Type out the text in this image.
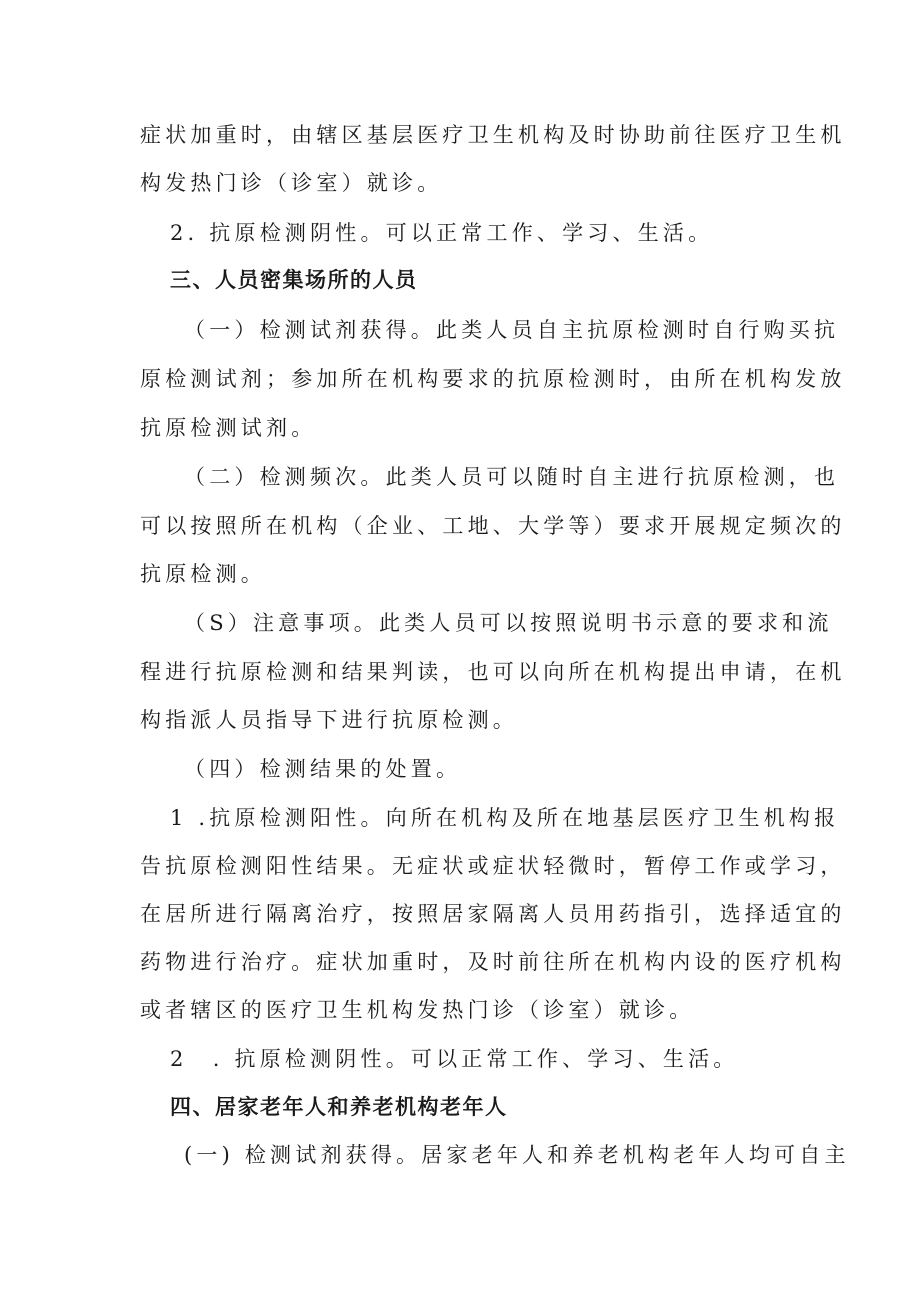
症状加重时，由辖区基层医疗卫生机构及时协助前往医疗卫生机
构发热门诊（诊室）就诊。
2. 抗原检测阴性。可以正常工作、学习、生活。
三、人员密集场所的人员
（一）检测试剂获得。此类人员自主抗原检测时自行购买抗
原检测试剂；参加所在机构要求的抗原检测时，由所在机构发放
抗原检测试剂。
（二）检测频次。此类人员可以随时自主进行抗原检测，也
可以按照所在机构（企业、工地、大学等）要求开展规定频次的
抗原检测。
（S）注意事项。此类人员可以按照说明书示意的要求和流
程进行抗原检测和结果判读，也可以向所在机构提出申请，在机
构指派人员指导下进行抗原检测。
（四）检测结果的处置。
1 .抗原检测阳性。向所在机构及所在地基层医疗卫生机构报
告抗原检测阳性结果。无症状或症状轻微时，暂停工作或学习，
在居所进行隔离治疗，按照居家隔离人员用药指引，选择适宜的
药物进行治疗。症状加重时，及时前往所在机构内设的医疗机构
或者辖区的医疗卫生机构发热门诊（诊室）就诊。
2　. 抗原检测阴性。可以正常工作、学习、生活。
四、居家老年人和养老机构老年人
(一) 检测试剂获得。居家老年人和养老机构老年人均可自主
